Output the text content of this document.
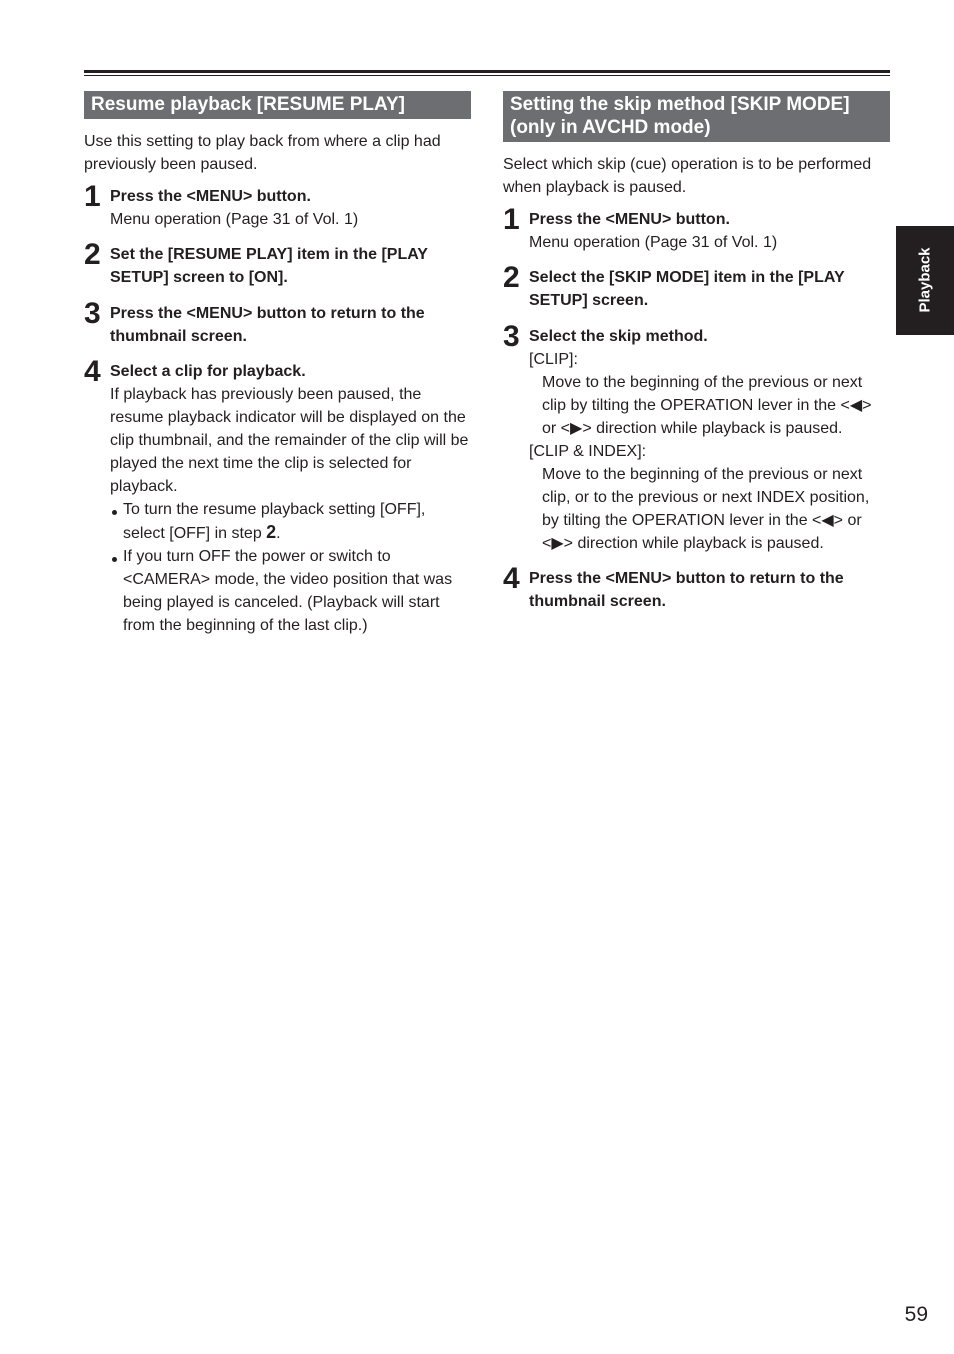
Resume playback [RESUME PLAY]

Use this setting to play back from where a clip had previously been paused.

1 Press the <MENU> button.
Menu operation (Page 31 of Vol. 1)
2 Set the [RESUME PLAY] item in the [PLAY SETUP] screen to [ON].
3 Press the <MENU> button to return to the thumbnail screen.
4 Select a clip for playback.
If playback has previously been paused, the resume playback indicator will be displayed on the clip thumbnail, and the remainder of the clip will be played the next time the clip is selected for playback.
To turn the resume playback setting [OFF], select [OFF] in step 2.
If you turn OFF the power or switch to <CAMERA> mode, the video position that was being played is canceled. (Playback will start from the beginning of the last clip.)
Setting the skip method [SKIP MODE] (only in AVCHD mode)

Select which skip (cue) operation is to be performed when playback is paused.

1 Press the <MENU> button.
Menu operation (Page 31 of Vol. 1)
2 Select the [SKIP MODE] item in the [PLAY SETUP] screen.
3 Select the skip method.
[CLIP]:
Move to the beginning of the previous or next clip by tilting the OPERATION lever in the <◀> or <▶> direction while playback is paused.
[CLIP & INDEX]:
Move to the beginning of the previous or next clip, or to the previous or next INDEX position, by tilting the OPERATION lever in the <◀> or <▶> direction while playback is paused.
4 Press the <MENU> button to return to the thumbnail screen.
Playback
59
